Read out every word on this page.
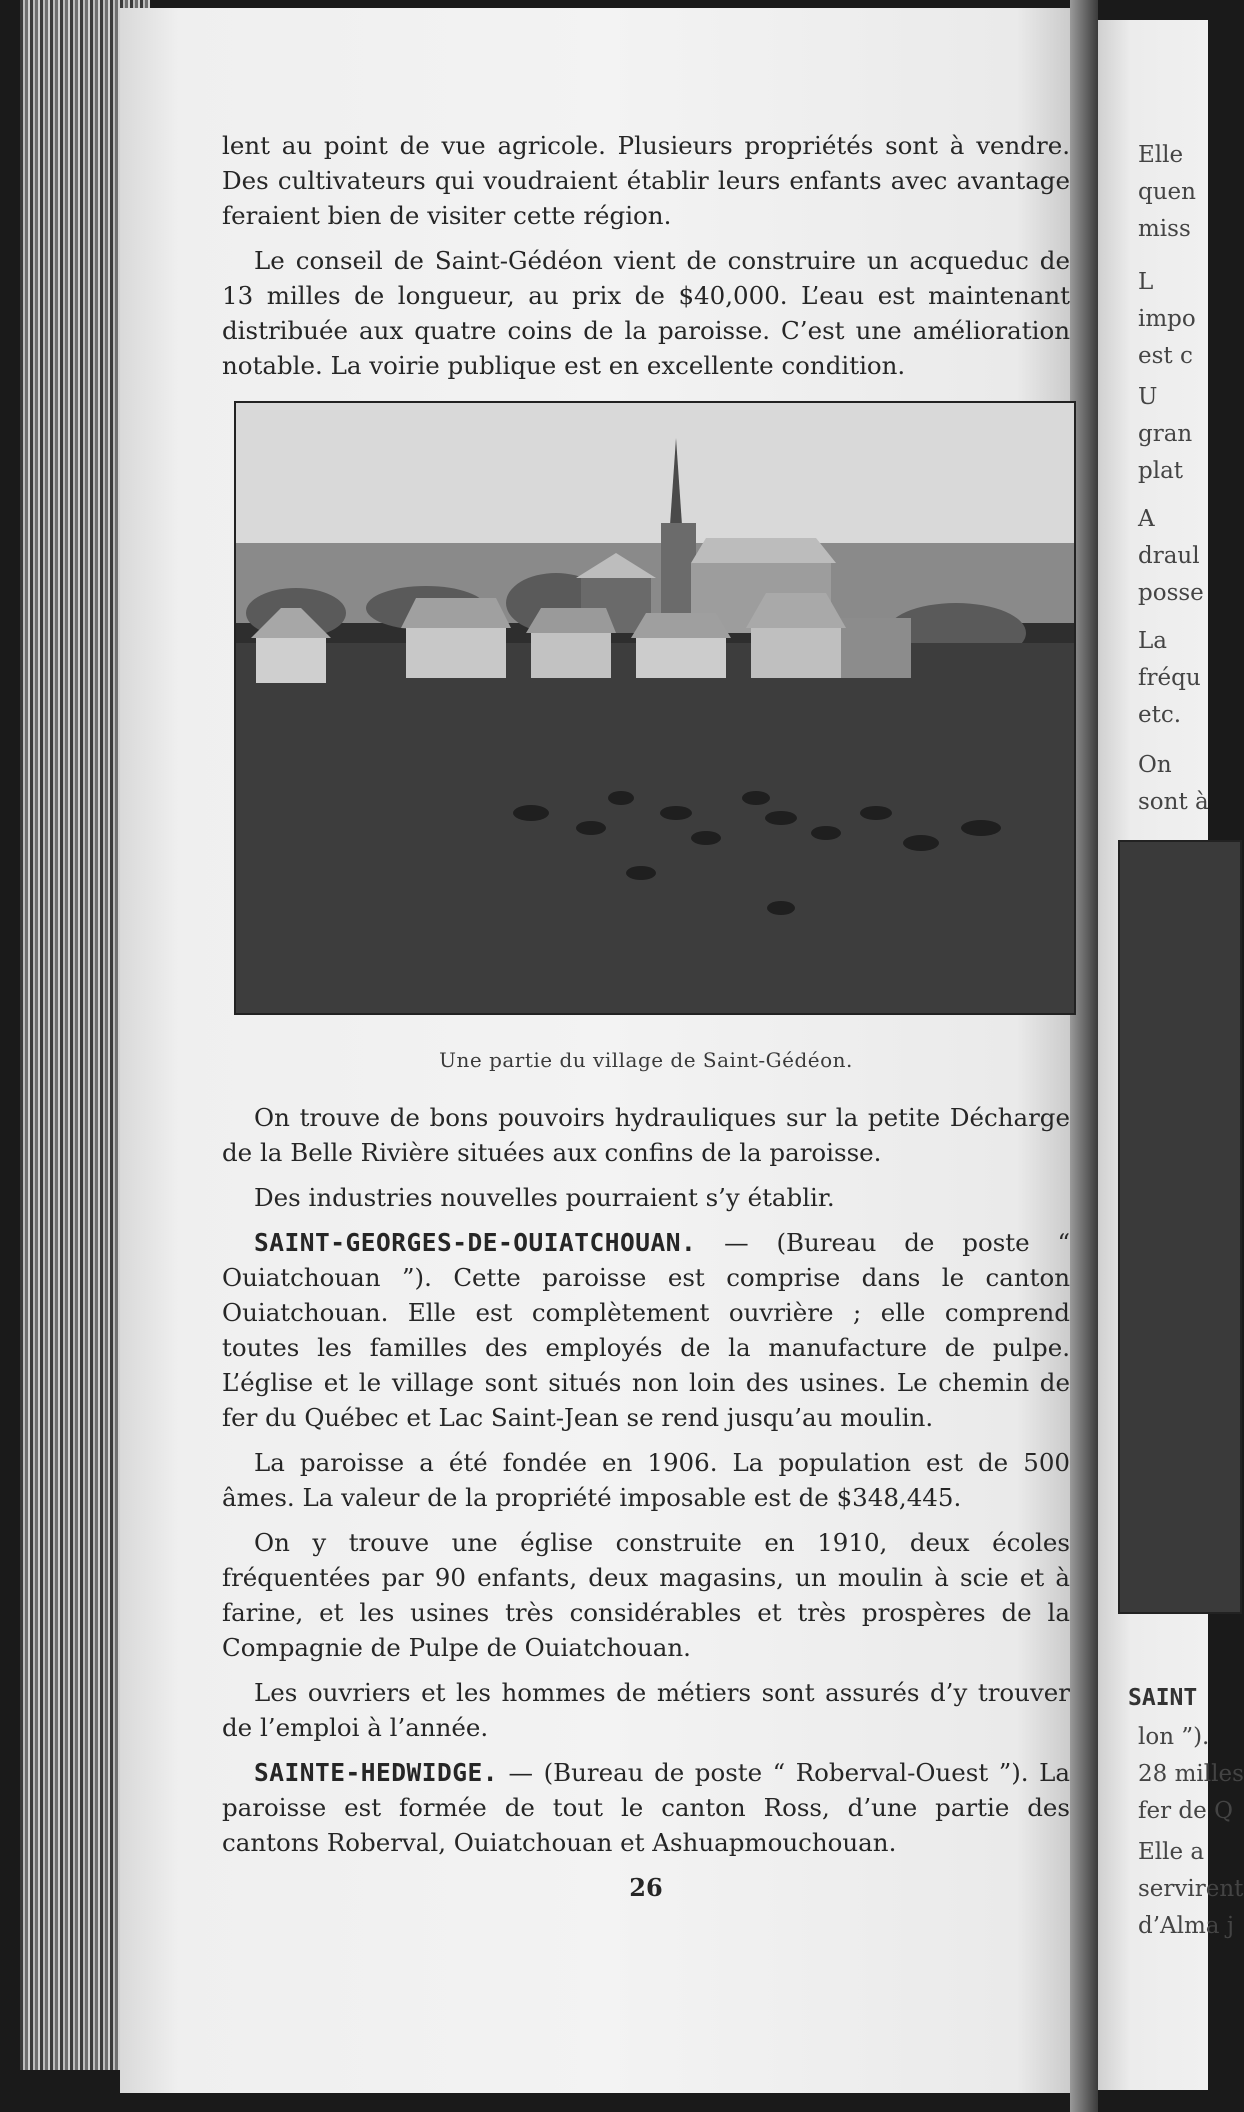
Elle
quen
miss
L
impo
est c
U
gran
plat
A
draul
posse
La
fréqu
etc.
On
sont à
SAINT
lon ”).
28 milles
fer de Q
Elle a
servirent
d’Alma j

lent au point de vue agricole. Plusieurs propriétés sont à vendre. Des cultivateurs qui voudraient établir leurs enfants avec avantage feraient bien de visiter cette région.

Le conseil de Saint-Gédéon vient de construire un acqueduc de 13 milles de longueur, au prix de $40,000. L’eau est maintenant distribuée aux quatre coins de la paroisse. C’est une amélioration notable. La voirie publique est en excellente condition.

Une partie du village de Saint-Gédéon.

On trouve de bons pouvoirs hydrauliques sur la petite Décharge de la Belle Rivière situées aux confins de la paroisse.

Des industries nouvelles pourraient s’y établir.

SAINT-GEORGES-DE-OUIATCHOUAN. — (Bureau de poste “ Ouiatchouan ”). Cette paroisse est comprise dans le canton Ouiatchouan. Elle est complètement ouvrière ; elle comprend toutes les familles des employés de la manufacture de pulpe. L’église et le village sont situés non loin des usines. Le chemin de fer du Québec et Lac Saint-Jean se rend jusqu’au moulin.

La paroisse a été fondée en 1906. La population est de 500 âmes. La valeur de la propriété imposable est de $348,445.

On y trouve une église construite en 1910, deux écoles fréquentées par 90 enfants, deux magasins, un moulin à scie et à farine, et les usines très considérables et très prospères de la Compagnie de Pulpe de Ouiatchouan.

Les ouvriers et les hommes de métiers sont assurés d’y trouver de l’emploi à l’année.

SAINTE-HEDWIDGE. — (Bureau de poste “ Roberval-Ouest ”). La paroisse est formée de tout le canton Ross, d’une partie des cantons Roberval, Ouiatchouan et Ashuapmouchouan.

26
